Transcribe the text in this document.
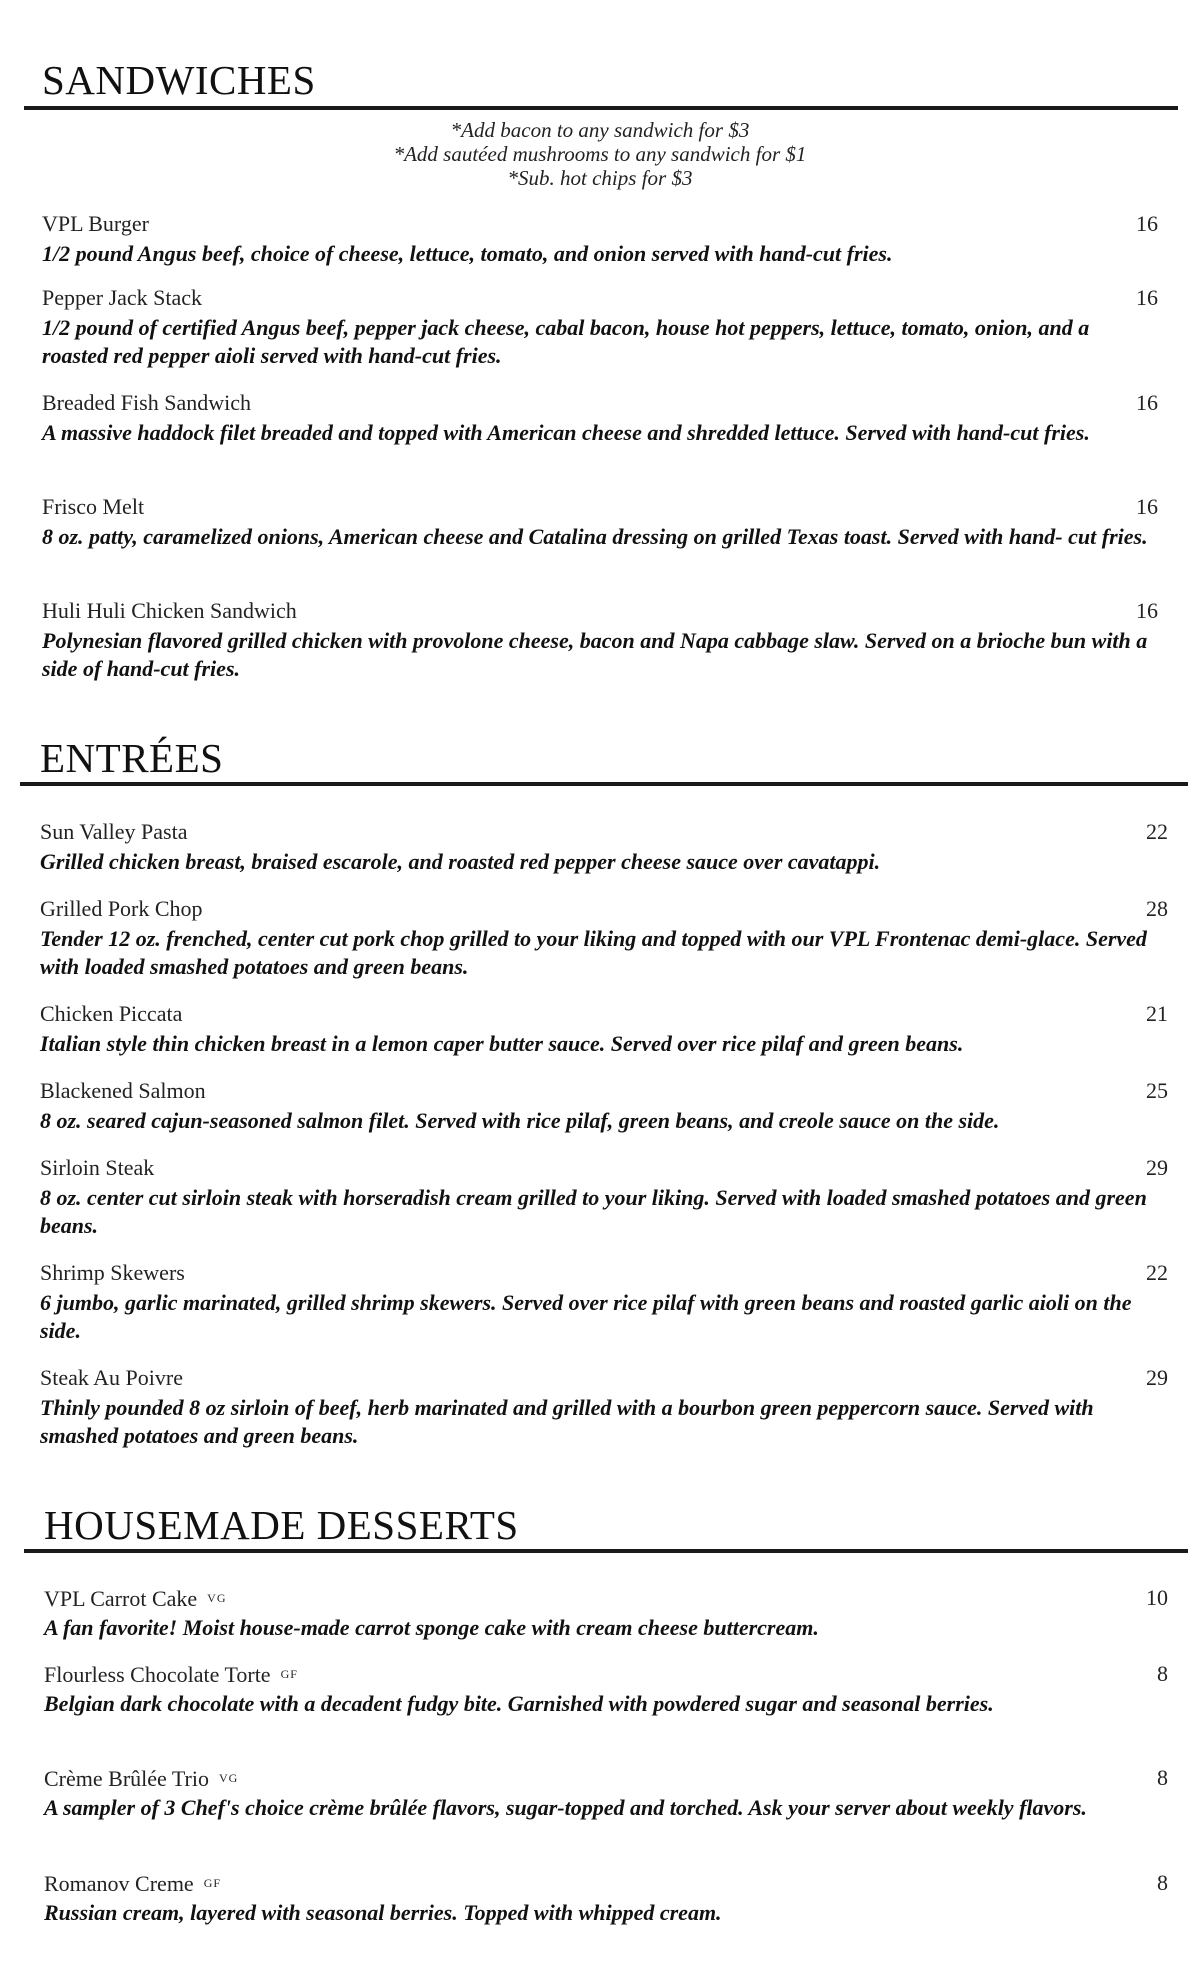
SANDWICHES
*Add bacon to any sandwich for $3
*Add sautéed mushrooms to any sandwich for $1
*Sub. hot chips for $3
VPL Burger	16
1/2 pound Angus beef, choice of cheese, lettuce, tomato, and onion served with hand-cut fries.
Pepper Jack Stack	16
1/2 pound of certified Angus beef, pepper jack cheese, cabal bacon, house hot peppers, lettuce, tomato, onion, and a roasted red pepper aioli served with hand-cut fries.
Breaded Fish Sandwich	16
A massive haddock filet breaded and topped with American cheese and shredded lettuce. Served with hand-cut fries.
Frisco Melt	16
8 oz. patty, caramelized onions, American cheese and Catalina dressing on grilled Texas toast. Served with hand- cut fries.
Huli Huli Chicken Sandwich	16
Polynesian flavored grilled chicken with provolone cheese, bacon and Napa cabbage slaw. Served on a brioche bun with a side of hand-cut fries.
ENTRÉES
Sun Valley Pasta	22
Grilled chicken breast, braised escarole, and roasted red pepper cheese sauce over cavatappi.
Grilled Pork Chop	28
Tender 12 oz. frenched, center cut pork chop grilled to your liking and topped with our VPL Frontenac demi-glace. Served with loaded smashed potatoes and green beans.
Chicken Piccata	21
Italian style thin chicken breast in a lemon caper butter sauce. Served over rice pilaf and green beans.
Blackened Salmon	25
8 oz. seared cajun-seasoned salmon filet. Served with rice pilaf, green beans, and creole sauce on the side.
Sirloin Steak	29
8 oz. center cut sirloin steak with horseradish cream grilled to your liking. Served with loaded smashed potatoes and green beans.
Shrimp Skewers	22
6 jumbo, garlic marinated, grilled shrimp skewers. Served over rice pilaf with green beans and roasted garlic aioli on the side.
Steak Au Poivre	29
Thinly pounded 8 oz sirloin of beef, herb marinated and grilled with a bourbon green peppercorn sauce. Served with smashed potatoes and green beans.
HOUSEMADE DESSERTS
VPL Carrot Cake VG	10
A fan favorite! Moist house-made carrot sponge cake with cream cheese buttercream.
Flourless Chocolate Torte GF	8
Belgian dark chocolate with a decadent fudgy bite. Garnished with powdered sugar and seasonal berries.
Crème Brûlée Trio VG	8
A sampler of 3 Chef's choice crème brûlée flavors, sugar-topped and torched. Ask your server about weekly flavors.
Romanov Creme GF	8
Russian cream, layered with seasonal berries. Topped with whipped cream.
